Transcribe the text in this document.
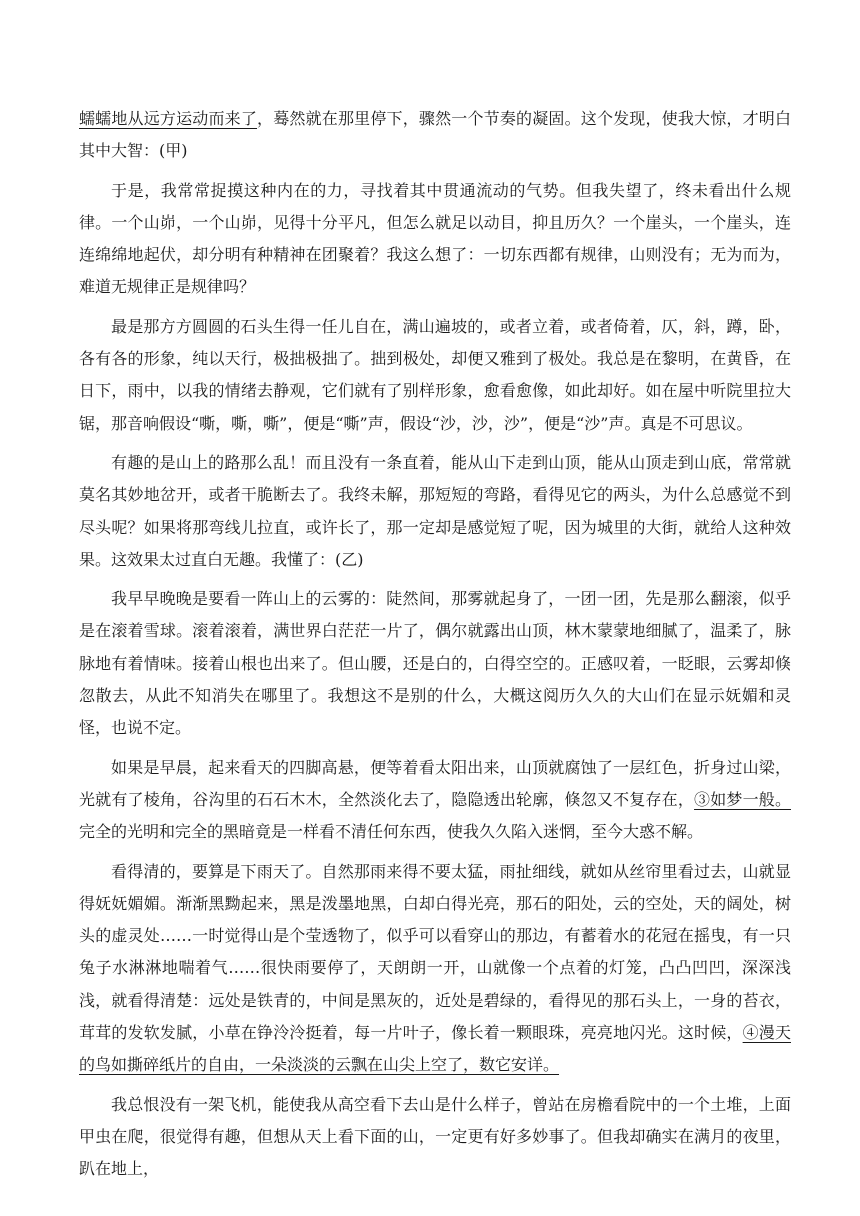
蠕蠕地从远方运动而来了，蓦然就在那里停下，骤然一个节奏的凝固。这个发现，使我大惊，才明白其中大智：(甲)

于是，我常常捉摸这种内在的力，寻找着其中贯通流动的气势。但我失望了，终未看出什么规律。一个山峁，一个山峁，见得十分平凡，但怎么就足以动目，抑且历久？一个崖头，一个崖头，连连绵绵地起伏，却分明有种精神在团聚着？我这么想了：一切东西都有规律，山则没有；无为而为，难道无规律正是规律吗？

最是那方方圆圆的石头生得一任儿自在，满山遍坡的，或者立着，或者倚着，仄，斜，蹲，卧，各有各的形象，纯以天行，极拙极拙了。拙到极处，却便又雅到了极处。我总是在黎明，在黄昏，在日下，雨中，以我的情绪去静观，它们就有了别样形象，愈看愈像，如此却好。如在屋中听院里拉大锯，那音响假设“嘶，嘶，嘶”，便是“嘶”声，假设“沙，沙，沙”，便是“沙”声。真是不可思议。

有趣的是山上的路那么乱！而且没有一条直着，能从山下走到山顶，能从山顶走到山底，常常就莫名其妙地岔开，或者干脆断去了。我终未解，那短短的弯路，看得见它的两头，为什么总感觉不到尽头呢？如果将那弯线儿拉直，或许长了，那一定却是感觉短了呢，因为城里的大街，就给人这种效果。这效果太过直白无趣。我懂了：(乙)

我早早晚晚是要看一阵山上的云雾的：陡然间，那雾就起身了，一团一团，先是那么翻滚，似乎是在滚着雪球。滚着滚着，满世界白茫茫一片了，偶尔就露出山顶，林木蒙蒙地细腻了，温柔了，脉脉地有着情味。接着山根也出来了。但山腰，还是白的，白得空空的。正感叹着，一眨眼，云雾却倏忽散去，从此不知消失在哪里了。我想这不是别的什么，大概这阅历久久的大山们在显示妩媚和灵怪，也说不定。

如果是早晨，起来看天的四脚高悬，便等着看太阳出来，山顶就腐蚀了一层红色，折身过山梁，光就有了棱角，谷沟里的石石木木，全然淡化去了，隐隐透出轮廓，倏忽又不复存在，③如梦一般。完全的光明和完全的黑暗竟是一样看不清任何东西，使我久久陷入迷惘，至今大惑不解。

看得清的，要算是下雨天了。自然那雨来得不要太猛，雨扯细线，就如从丝帘里看过去，山就显得妩妩媚媚。渐渐黑黝起来，黑是泼墨地黑，白却白得光亮，那石的阳处，云的空处，天的阔处，树头的虚灵处……一时觉得山是个莹透物了，似乎可以看穿山的那边，有蓄着水的花冠在摇曳，有一只兔子水淋淋地喘着气……很快雨要停了，天朗朗一开，山就像一个点着的灯笼，凸凸凹凹，深深浅浅，就看得清楚：远处是铁青的，中间是黑灰的，近处是碧绿的，看得见的那石头上，一身的苔衣，茸茸的发软发腻，小草在铮泠泠挺着，每一片叶子，像长着一颗眼珠，亮亮地闪光。这时候，④漫天的鸟如撕碎纸片的自由，一朵淡淡的云飘在山尖上空了，数它安详。

我总恨没有一架飞机，能使我从高空看下去山是什么样子，曾站在房檐看院中的一个土堆，上面甲虫在爬，很觉得有趣，但想从天上看下面的山，一定更有好多妙事了。但我却确实在满月的夜里，趴在地上，
